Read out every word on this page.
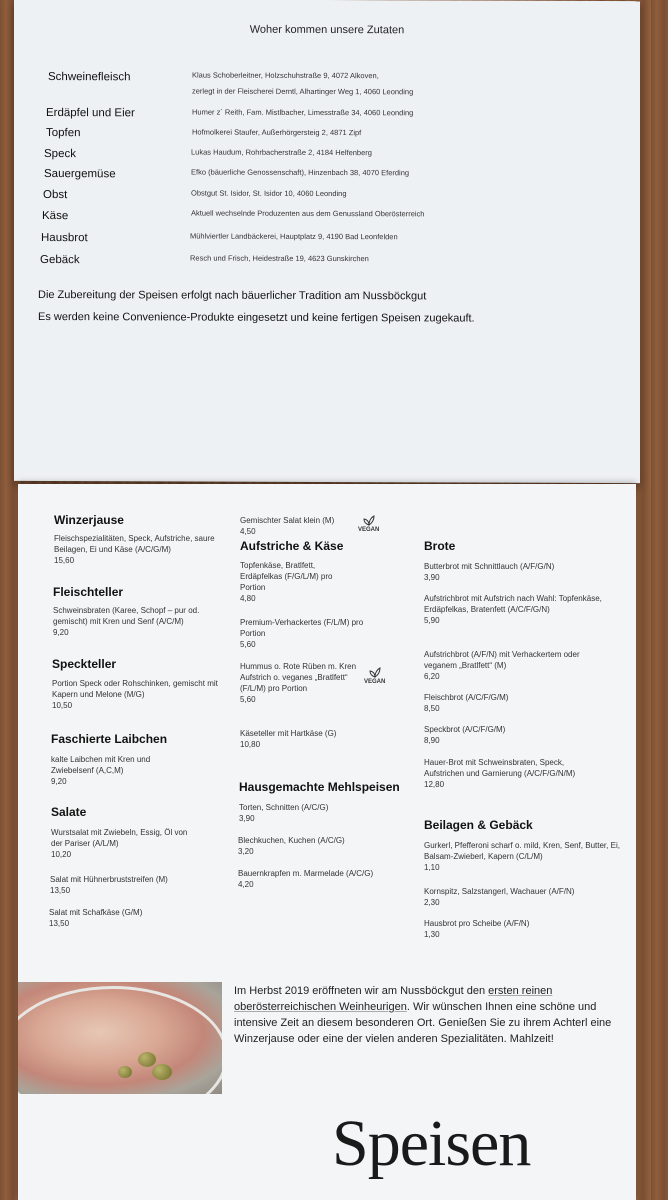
Woher kommen unsere Zutaten
Schweinefleisch	Klaus Schoberleitner, Holzschuhstraße 9, 4072 Alkoven,
zerlegt in der Fleischerei Derntl, Alhartinger Weg 1, 4060 Leonding
Erdäpfel und Eier	Humer z´ Reith, Fam. Mistlbacher, Limesstraße 34, 4060 Leonding
Topfen	Hofmolkerei Staufer, Außerhörgersteig 2, 4871 Zipf
Speck	Lukas Haudum, Rohrbacherstraße 2, 4184 Helfenberg
Sauergemüse	Efko (bäuerliche Genossenschaft), Hinzenbach 38, 4070 Eferding
Obst	Obstgut St. Isidor, St. Isidor 10, 4060 Leonding
Käse	Aktuell wechselnde Produzenten aus dem Genussland Oberösterreich
Hausbrot	Mühlviertler Landbäckerei, Hauptplatz 9, 4190 Bad Leonfelden
Gebäck	Resch und Frisch, Heidestraße 19, 4623 Gunskirchen
Die Zubereitung der Speisen erfolgt nach bäuerlicher Tradition am Nussböckgut
Es werden keine Convenience-Produkte eingesetzt und keine fertigen Speisen zugekauft.
Winzerjause
Fleischspezialitäten, Speck, Aufstriche, saure Beilagen, Ei und Käse (A/C/G/M)
15,60
Fleischteller
Schweinsbraten (Karee, Schopf – pur od. gemischt) mit Kren und Senf (A/C/M)
9,20
Speckteller
Portion Speck oder Rohschinken, gemischt mit Kapern und Melone (M/G)
10,50
Faschierte Laibchen
kalte Laibchen mit Kren und Zwiebelsenf (A,C,M)
9,20
Salate
Wurstsalat mit Zwiebeln, Essig, Öl von der Pariser (A/L/M)
10,20
Salat mit Hühnerbruststreifen (M)
13,50
Salat mit Schafkäse (G/M)
13,50
Gemischter Salat klein (M)
4,50	VEGAN
Aufstriche & Käse
Topfenkäse, Bratlfett, Erdäpfelkas (F/G/L/M) pro Portion
4,80
Premium-Verhackertes (F/L/M) pro Portion
5,60
Hummus o. Rote Rüben m. Kren Aufstrich o. veganes „Bratlfett“ (F/L/M) pro Portion
5,60
VEGAN
Käseteller mit Hartkäse (G)
10,80
Hausgemachte Mehlspeisen
Torten, Schnitten (A/C/G)
3,90
Blechkuchen, Kuchen (A/C/G)
3,20
Bauernkrapfen m. Marmelade (A/C/G)
4,20
Brote
Butterbrot mit Schnittlauch (A/F/G/N)
3,90
Aufstrichbrot mit Aufstrich nach Wahl: Topfenkäse, Erdäpfelkas, Bratenfett (A/C/F/G/N)
5,90
Aufstrichbrot (A/F/N) mit Verhackertem oder veganem „Bratlfett“ (M)
6,20
Fleischbrot (A/C/F/G/M)
8,50
Speckbrot (A/C/F/G/M)
8,90
Hauer-Brot mit Schweinsbraten, Speck, Aufstrichen und Garnierung (A/C/F/G/N/M)
12,80
Beilagen & Gebäck
Gurkerl, Pfefferoni scharf o. mild, Kren, Senf, Butter, Ei, Balsam-Zwieberl, Kapern (C/L/M)
1,10
Kornspitz, Salzstangerl, Wachauer (A/F/N)
2,30
Hausbrot pro Scheibe (A/F/N)
1,30
Im Herbst 2019 eröffneten wir am Nussböckgut den ersten reinen oberösterreichischen Weinheurigen. Wir wünschen Ihnen eine schöne und intensive Zeit an diesem besonderen Ort. Genießen Sie zu ihrem Achterl eine Winzerjause oder eine der vielen anderen Spezialitäten. Mahlzeit!
Speisen
